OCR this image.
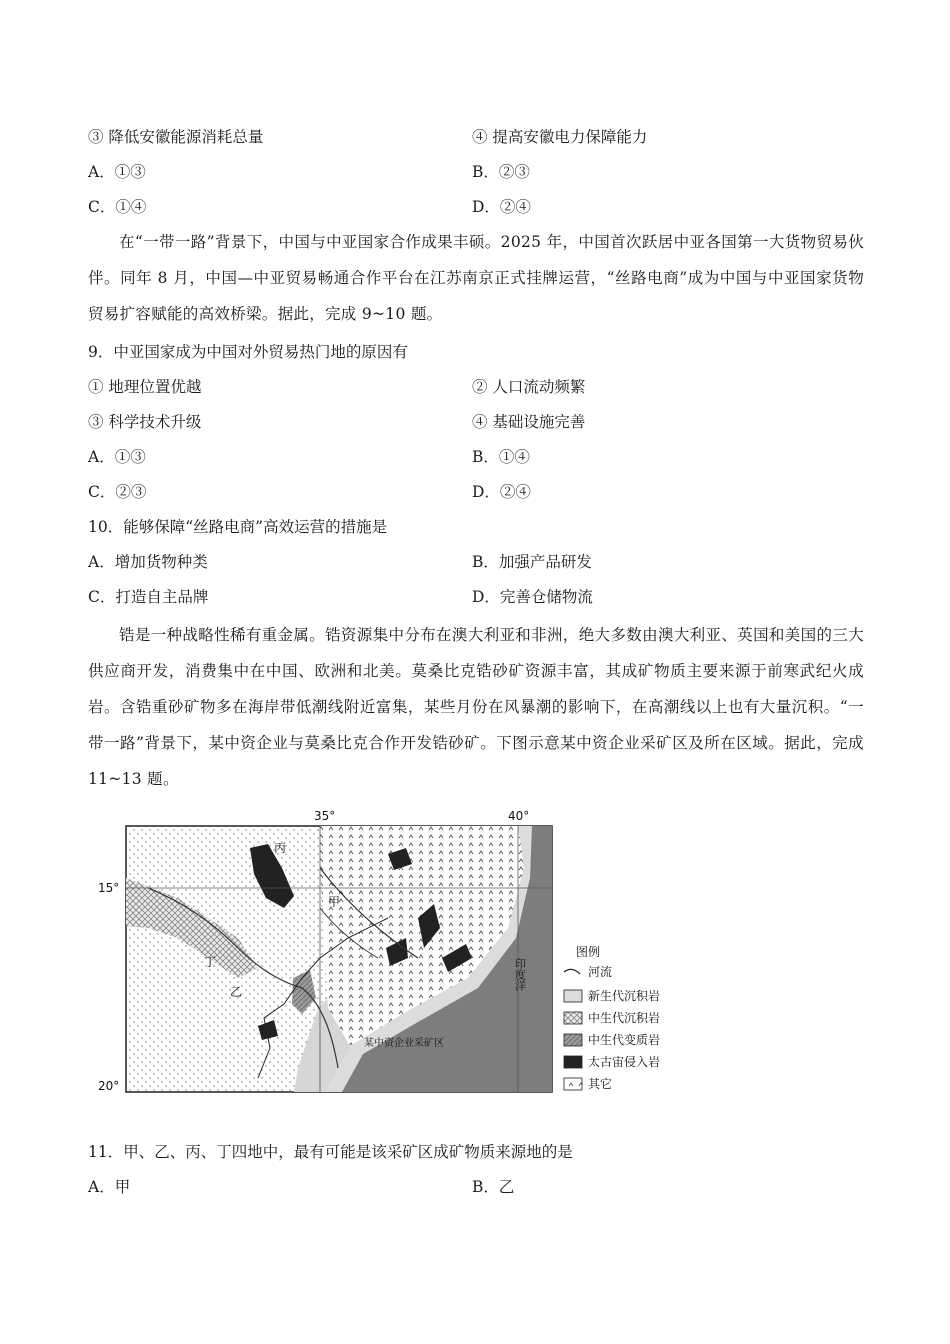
③ 降低安徽能源消耗总量	④ 提高安徽电力保障能力
A．①③	B．②③
C．①④	D．②④
在“一带一路”背景下，中国与中亚国家合作成果丰硕。2025 年，中国首次跃居中亚各国第一大货物贸易伙伴。同年 8 月，中国—中亚贸易畅通合作平台在江苏南京正式挂牌运营，“丝路电商”成为中国与中亚国家货物贸易扩容赋能的高效桥梁。据此，完成 9~10 题。
9．中亚国家成为中国对外贸易热门地的原因有
① 地理位置优越	② 人口流动频繁
③ 科学技术升级	④ 基础设施完善
A．①③	B．①④
C．②③	D．②④
10．能够保障“丝路电商”高效运营的措施是
A．增加货物种类	B．加强产品研发
C．打造自主品牌	D．完善仓储物流
锆是一种战略性稀有重金属。锆资源集中分布在澳大利亚和非洲，绝大多数由澳大利亚、英国和美国的三大供应商开发，消费集中在中国、欧洲和北美。莫桑比克锆砂矿资源丰富，其成矿物质主要来源于前寒武纪火成岩。含锆重砂矿物多在海岸带低潮线附近富集，某些月份在风暴潮的影响下，在高潮线以上也有大量沉积。“一带一路”背景下，某中资企业与莫桑比克合作开发锆砂矿。下图示意某中资企业采矿区及所在区域。据此，完成 11~13 题。
35°	40°
15°
20°
甲
乙
丙
丁
某中资企业采矿区
印度洋
图例
河流
新生代沉积岩
中生代沉积岩
中生代变质岩
太古宙侵入岩
其它
11．甲、乙、丙、丁四地中，最有可能是该采矿区成矿物质来源地的是
A．甲	B．乙
